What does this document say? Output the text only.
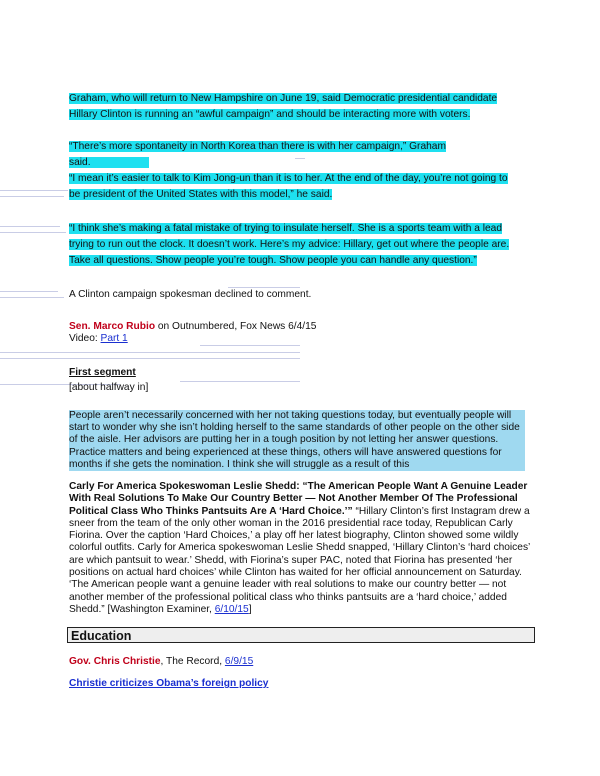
Graham, who will return to New Hampshire on June 19, said Democratic presidential candidate Hillary Clinton is running an “awful campaign” and should be interacting more with voters.
“There’s more spontaneity in North Korea than there is with her campaign,” Graham said.
“I mean it’s easier to talk to Kim Jong-un than it is to her. At the end of the day, you’re not going to be president of the United States with this model,” he said.
“I think she’s making a fatal mistake of trying to insulate herself. She is a sports team with a lead trying to run out the clock. It doesn’t work. Here’s my advice: Hillary, get out where the people are. Take all questions. Show people you’re tough. Show people you can handle any question.”
A Clinton campaign spokesman declined to comment.
Sen. Marco Rubio on Outnumbered, Fox News 6/4/15
Video: Part 1
First segment
[about halfway in]
People aren’t necessarily concerned with her not taking questions today, but eventually people will start to wonder why she isn’t holding herself to the same standards of other people on the other side of the aisle. Her advisors are putting her in a tough position by not letting her answer questions. Practice matters and being experienced at these things, others will have answered questions for months if she gets the nomination. I think she will struggle as a result of this
Carly For America Spokeswoman Leslie Shedd: “The American People Want A Genuine Leader With Real Solutions To Make Our Country Better — Not Another Member Of The Professional Political Class Who Thinks Pantsuits Are A ‘Hard Choice.’” “Hillary Clinton’s first Instagram drew a sneer from the team of the only other woman in the 2016 presidential race today, Republican Carly Fiorina. Over the caption ‘Hard Choices,’ a play off her latest biography, Clinton showed some wildly colorful outfits. Carly for America spokeswoman Leslie Shedd snapped, ‘Hillary Clinton’s ‘hard choices’ are which pantsuit to wear.’ Shedd, with Fiorina’s super PAC, noted that Fiorina has presented ‘her positions on actual hard choices’ while Clinton has waited for her official announcement on Saturday. ‘The American people want a genuine leader with real solutions to make our country better — not another member of the professional political class who thinks pantsuits are a ‘hard choice,’ added Shedd.” [Washington Examiner, 6/10/15]
Education
Gov. Chris Christie, The Record, 6/9/15
Christie criticizes Obama’s foreign policy
